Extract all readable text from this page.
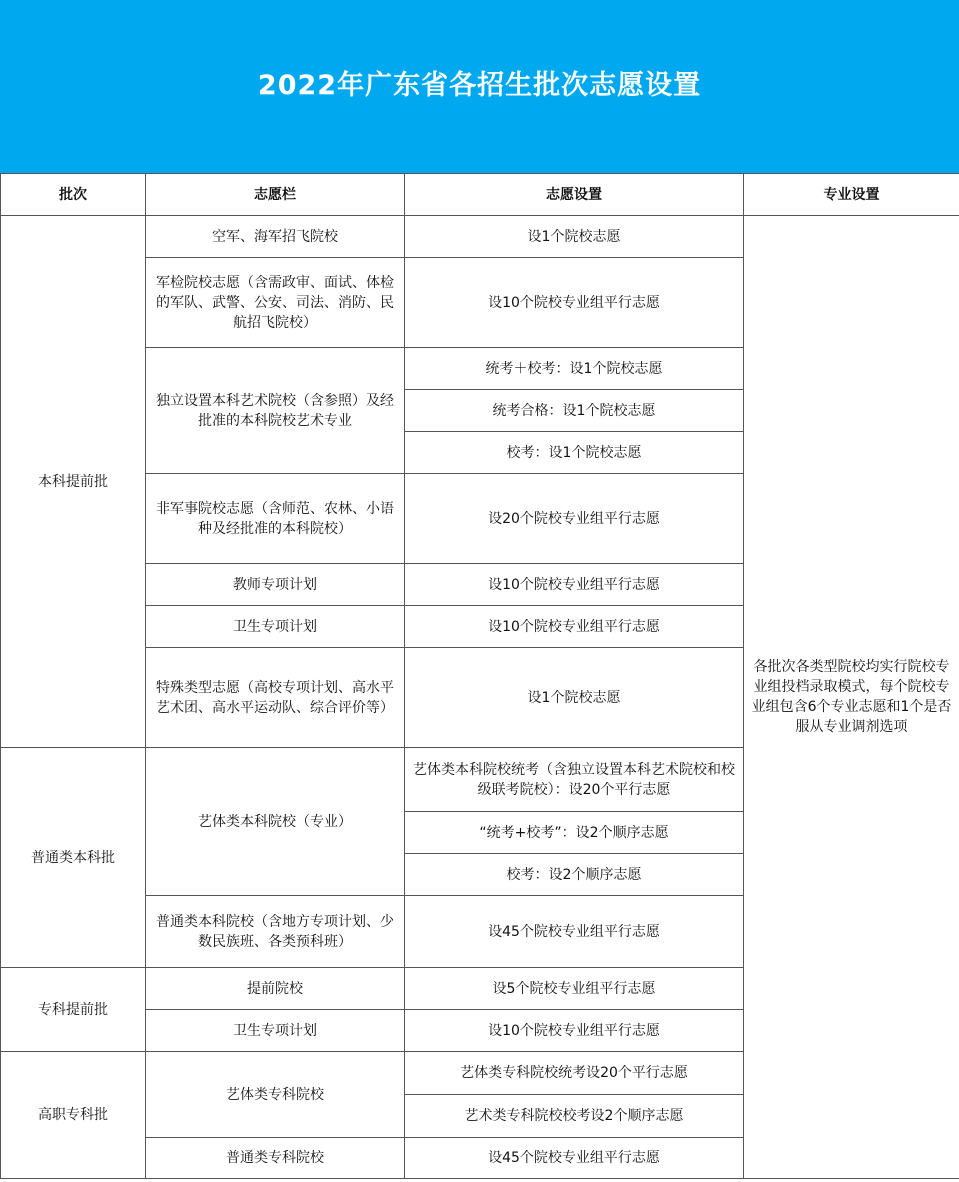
2022年广东省各招生批次志愿设置
批次	志愿栏	志愿设置	专业设置
本科提前批	空军、海军招飞院校	设1个院校志愿	各批次各类型院校均实行院校专业组投档录取模式，每个院校专业组包含6个专业志愿和1个是否服从专业调剂选项
	军检院校志愿（含需政审、面试、体检的军队、武警、公安、司法、消防、民航招飞院校）	设10个院校专业组平行志愿	
	独立设置本科艺术院校（含参照）及经批准的本科院校艺术专业	统考＋校考：设1个院校志愿	
		统考合格：设1个院校志愿	
		校考：设1个院校志愿	
	非军事院校志愿（含师范、农林、小语种及经批准的本科院校）	设20个院校专业组平行志愿	
	教师专项计划	设10个院校专业组平行志愿	
	卫生专项计划	设10个院校专业组平行志愿	
	特殊类型志愿（高校专项计划、高水平艺术团、高水平运动队、综合评价等）	设1个院校志愿	
普通类本科批	艺体类本科院校（专业）	艺体类本科院校统考（含独立设置本科艺术院校和校级联考院校）：设20个平行志愿	
		“统考+校考”：设2个顺序志愿	
		校考：设2个顺序志愿	
	普通类本科院校（含地方专项计划、少数民族班、各类预科班）	设45个院校专业组平行志愿	
专科提前批	提前院校	设5个院校专业组平行志愿	
	卫生专项计划	设10个院校专业组平行志愿	
高职专科批	艺体类专科院校	艺体类专科院校统考设20个平行志愿	
		艺术类专科院校校考设2个顺序志愿	
	普通类专科院校	设45个院校专业组平行志愿	
